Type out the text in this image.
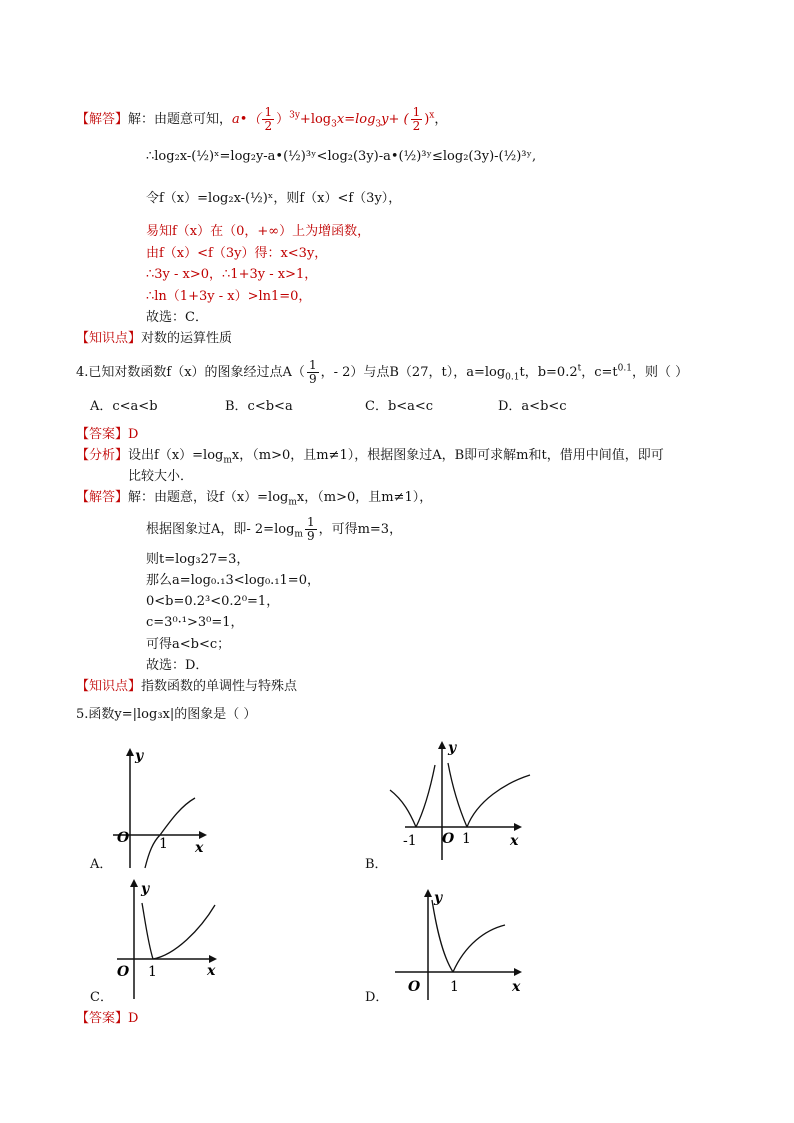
【解答】解：由题意可知，a•（ $\frac{1}{2} )^{3y}+\log_3x=\log_3y+$ ( $\frac{1}{2} )^x$，
∴log₂x-(½)ˣ=log₂y-a•(½)³ʸ<log₂(3y)-a•(½)³ʸ≤log₂(3y)-(½)³ʸ,
令f（x）=log₂x-(½)ˣ，则f（x）<f（3y），
易知f（x）在（0，+∞）上为增函数，
由f（x）<f（3y）得：x<3y，
∴3y - x>0，∴1+3y - x>1，
∴ln（1+3y - x）>ln1=0，
故选：C．
【知识点】对数的运算性质
4.已知对数函数f（x）的图象经过点$A( \frac{1}{9}$ ，- 2）与点B（27，t），$a=\log_{0.1}t$，$b=0.2^t$，$c=t^{0.1}$，则（ ）
A．c<a<b	B．c<b<a	C．b<a<c	D．a<b<c
【答案】D
【分析】设出$f(x)=\log_mx$，（m>0，且m≠1），根据图象过A，B即可求解m和t，借用中间值，即可
比较大小．
【解答】解：由题意，设$f(x)=\log_mx$，（m>0，且m≠1），
根据图象过A，即- $2=\log_m \frac{1}{9}$ ，可得m=3，
则t=log₃27=3，
那么a=log₀.₁3<log₀.₁1=0，
0<b=0.2³<0.2⁰=1，
c=3⁰·¹>3⁰=1，
可得a<b<c；
故选：D．
【知识点】指数函数的单调性与特殊点
5.函数y=|log₃x|的图象是（ ）
O 1 x
y
A．
-1 O 1	x
y
B．
O 1	x
y
C．
O 1	x
y
D．
【答案】D
